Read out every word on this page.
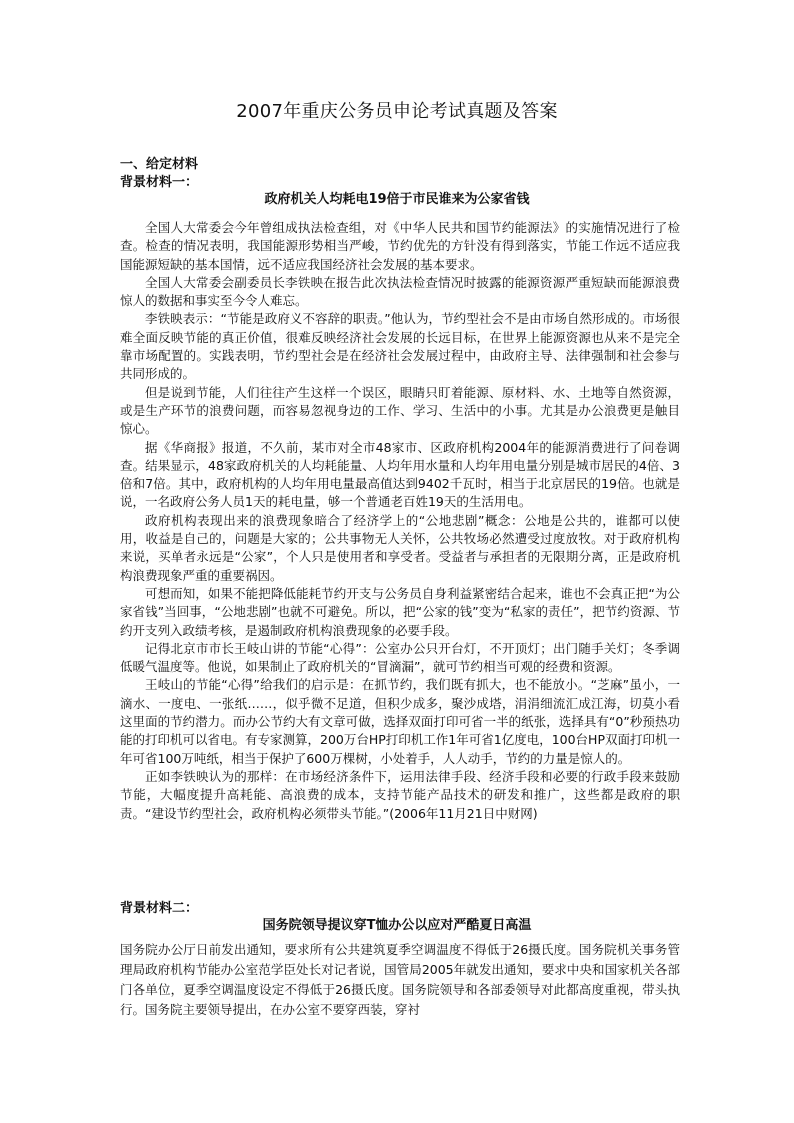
2007年重庆公务员申论考试真题及答案
一、给定材料
背景材料一：
政府机关人均耗电19倍于市民谁来为公家省钱

全国人大常委会今年曾组成执法检查组，对《中华人民共和国节约能源法》的实施情况进行了检查。检查的情况表明，我国能源形势相当严峻，节约优先的方针没有得到落实，节能工作远不适应我国能源短缺的基本国情，远不适应我国经济社会发展的基本要求。

全国人大常委会副委员长李铁映在报告此次执法检查情况时披露的能源资源严重短缺而能源浪费惊人的数据和事实至今令人难忘。

李铁映表示：“节能是政府义不容辞的职责。”他认为，节约型社会不是由市场自然形成的。市场很难全面反映节能的真正价值，很难反映经济社会发展的长远目标，在世界上能源资源也从来不是完全靠市场配置的。实践表明，节约型社会是在经济社会发展过程中，由政府主导、法律强制和社会参与共同形成的。

但是说到节能，人们往往产生这样一个误区，眼睛只盯着能源、原材料、水、土地等自然资源，或是生产环节的浪费问题，而容易忽视身边的工作、学习、生活中的小事。尤其是办公浪费更是触目惊心。

据《华商报》报道，不久前，某市对全市48家市、区政府机构2004年的能源消费进行了问卷调查。结果显示，48家政府机关的人均耗能量、人均年用水量和人均年用电量分别是城市居民的4倍、3倍和7倍。其中，政府机构的人均年用电量最高值达到9402千瓦时，相当于北京居民的19倍。也就是说，一名政府公务人员1天的耗电量，够一个普通老百姓19天的生活用电。

政府机构表现出来的浪费现象暗合了经济学上的“公地悲剧”概念：公地是公共的，谁都可以使用，收益是自己的，问题是大家的；公共事物无人关怀，公共牧场必然遭受过度放牧。对于政府机构来说，买单者永远是“公家”，个人只是使用者和享受者。受益者与承担者的无限期分离，正是政府机构浪费现象严重的重要祸因。

可想而知，如果不能把降低能耗节约开支与公务员自身利益紧密结合起来，谁也不会真正把“为公家省钱”当回事，“公地悲剧”也就不可避免。所以，把“公家的钱”变为“私家的责任”，把节约资源、节约开支列入政绩考核，是遏制政府机构浪费现象的必要手段。

记得北京市市长王岐山讲的节能“心得”：公室办公只开台灯，不开顶灯；出门随手关灯；冬季调低暖气温度等。他说，如果制止了政府机关的“冒滴漏”，就可节约相当可观的经费和资源。

王岐山的节能“心得”给我们的启示是：在抓节约，我们既有抓大，也不能放小。“芝麻”虽小，一滴水、一度电、一张纸……，似乎微不足道，但积少成多，聚沙成塔，涓涓细流汇成江海，切莫小看这里面的节约潜力。而办公节约大有文章可做，选择双面打印可省一半的纸张，选择具有“0”秒预热功能的打印机可以省电。有专家测算，200万台HP打印机工作1年可省1亿度电，100台HP双面打印机一年可省100万吨纸，相当于保护了600万棵树，小处着手，人人动手，节约的力量是惊人的。

正如李铁映认为的那样：在市场经济条件下，运用法律手段、经济手段和必要的行政手段来鼓励节能，大幅度提升高耗能、高浪费的成本，支持节能产品技术的研发和推广，这些都是政府的职责。“建设节约型社会，政府机构必须带头节能。”(2006年11月21日中财网)

背景材料二：
国务院领导提议穿T恤办公以应对严酷夏日高温

国务院办公厅日前发出通知，要求所有公共建筑夏季空调温度不得低于26摄氏度。国务院机关事务管理局政府机构节能办公室范学臣处长对记者说，国管局2005年就发出通知，要求中央和国家机关各部门各单位，夏季空调温度设定不得低于26摄氏度。国务院领导和各部委领导对此都高度重视，带头执行。国务院主要领导提出，在办公室不要穿西装，穿衬
